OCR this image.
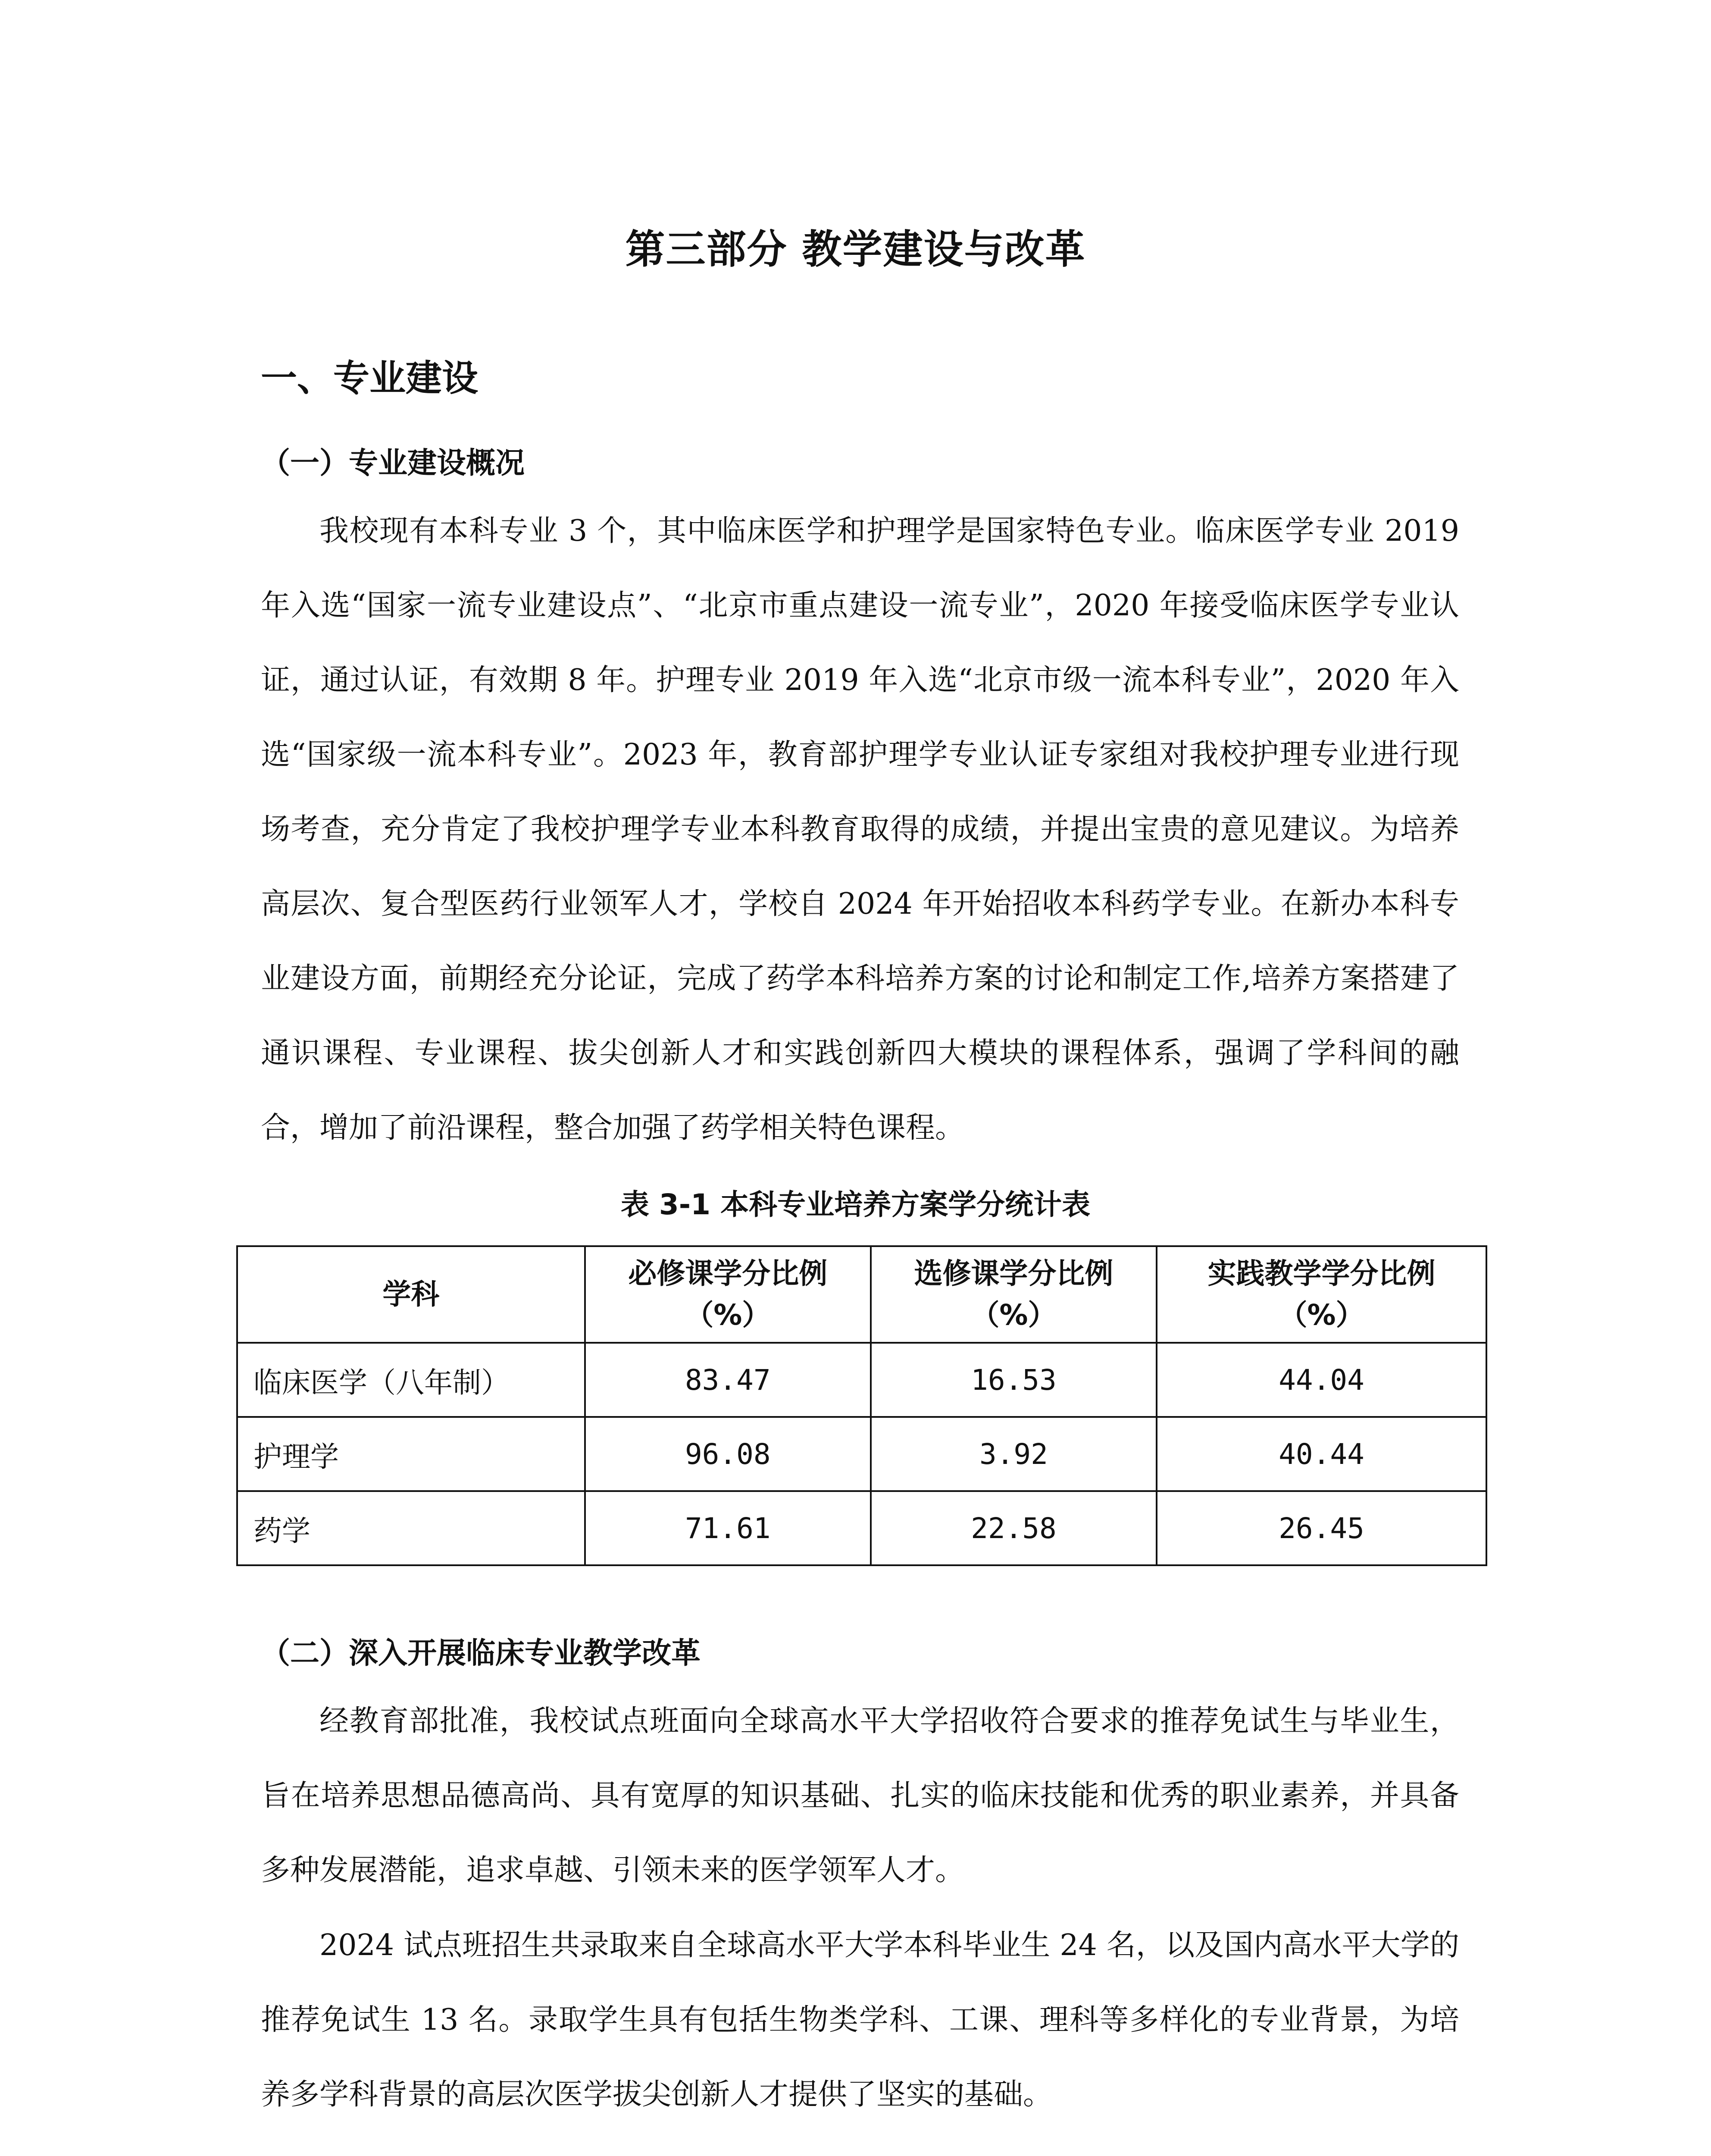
第三部分 教学建设与改革
一、专业建设
（一）专业建设概况

我校现有本科专业 3 个，其中临床医学和护理学是国家特色专业。临床医学专业 2019 年入选“国家一流专业建设点”、“北京市重点建设一流专业”，2020 年接受临床医学专业认证，通过认证，有效期 8 年。护理专业 2019 年入选“北京市级一流本科专业”，2020 年入选“国家级一流本科专业”。2023 年，教育部护理学专业认证专家组对我校护理专业进行现场考查，充分肯定了我校护理学专业本科教育取得的成绩，并提出宝贵的意见建议。为培养高层次、复合型医药行业领军人才，学校自 2024 年开始招收本科药学专业。在新办本科专业建设方面，前期经充分论证，完成了药学本科培养方案的讨论和制定工作,培养方案搭建了通识课程、专业课程、拔尖创新人才和实践创新四大模块的课程体系，强调了学科间的融合，增加了前沿课程，整合加强了药学相关特色课程。

表 3-1 本科专业培养方案学分统计表
学科	必修课学分比例（%）	选修课学分比例（%）	实践教学学分比例（%）
临床医学（八年制）	83.47	16.53	44.04
护理学	96.08	3.92	40.44
药学	71.61	22.58	26.45
（二）深入开展临床专业教学改革

经教育部批准，我校试点班面向全球高水平大学招收符合要求的推荐免试生与毕业生，旨在培养思想品德高尚、具有宽厚的知识基础、扎实的临床技能和优秀的职业素养，并具备多种发展潜能，追求卓越、引领未来的医学领军人才。

2024 试点班招生共录取来自全球高水平大学本科毕业生 24 名，以及国内高水平大学的推荐免试生 13 名。录取学生具有包括生物类学科、工课、理科等多样化的专业背景，为培养多学科背景的高层次医学拔尖创新人才提供了坚实的基础。
